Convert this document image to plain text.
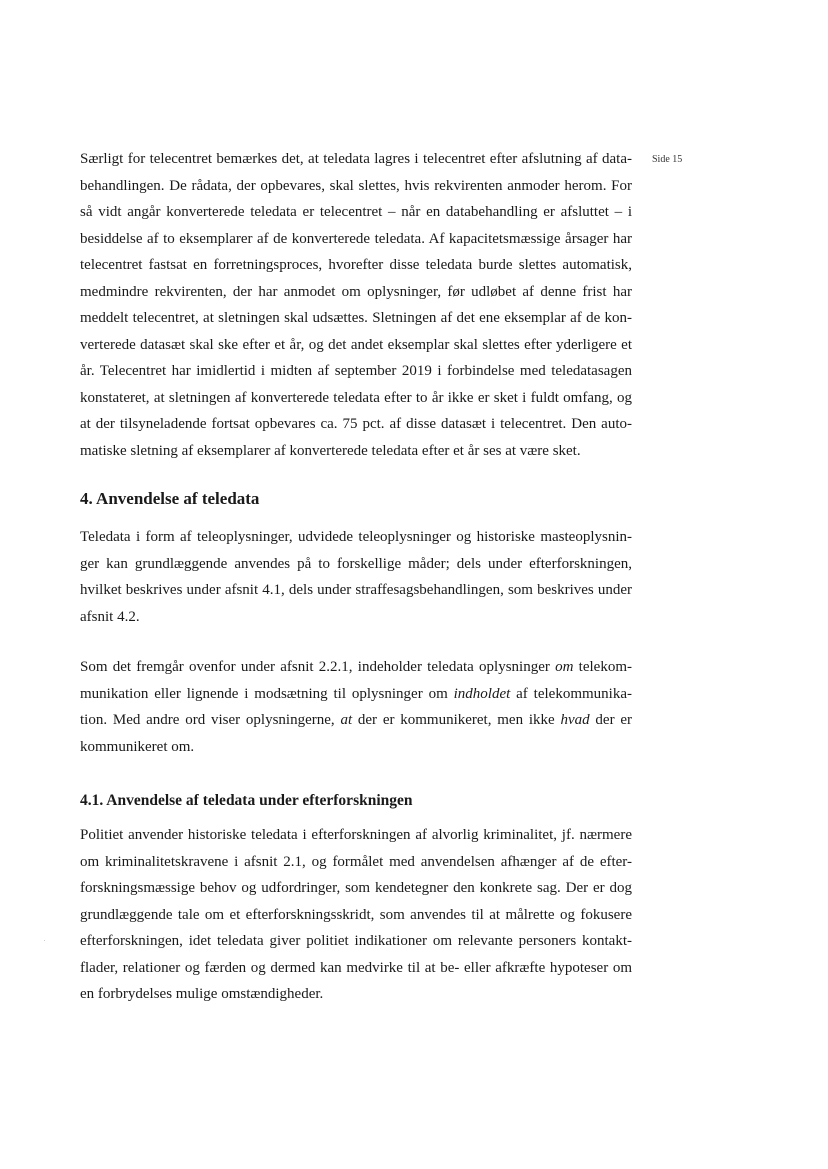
Side 15
Særligt for telecentret bemærkes det, at teledata lagres i telecentret efter afslutning af data-
behandlingen. De rådata, der opbevares, skal slettes, hvis rekvirenten anmoder herom. For
så vidt angår konverterede teledata er telecentret – når en databehandling er afsluttet – i
besiddelse af to eksemplarer af de konverterede teledata. Af kapacitetsmæssige årsager har
telecentret fastsat en forretningsproces, hvorefter disse teledata burde slettes automatisk,
medmindre rekvirenten, der har anmodet om oplysninger, før udløbet af denne frist har
meddelt telecentret, at sletningen skal udsættes. Sletningen af det ene eksemplar af de kon-
verterede datasæt skal ske efter et år, og det andet eksemplar skal slettes efter yderligere et
år. Telecentret har imidlertid i midten af september 2019 i forbindelse med teledatasagen
konstateret, at sletningen af konverterede teledata efter to år ikke er sket i fuldt omfang, og
at der tilsyneladende fortsat opbevares ca. 75 pct. af disse datasæt i telecentret. Den auto-
matiske sletning af eksemplarer af konverterede teledata efter et år ses at være sket.
4. Anvendelse af teledata
Teledata i form af teleoplysninger, udvidede teleoplysninger og historiske masteoplysnin-
ger kan grundlæggende anvendes på to forskellige måder; dels under efterforskningen,
hvilket beskrives under afsnit 4.1, dels under straffesagsbehandlingen, som beskrives under
afsnit 4.2.
Som det fremgår ovenfor under afsnit 2.2.1, indeholder teledata oplysninger om telekom-
munikation eller lignende i modsætning til oplysninger om indholdet af telekommunika-
tion. Med andre ord viser oplysningerne, at der er kommunikeret, men ikke hvad der er
kommunikeret om.
4.1. Anvendelse af teledata under efterforskningen
Politiet anvender historiske teledata i efterforskningen af alvorlig kriminalitet, jf. nærmere
om kriminalitetskravene i afsnit 2.1, og formålet med anvendelsen afhænger af de efter-
forskningsmæssige behov og udfordringer, som kendetegner den konkrete sag. Der er dog
grundlæggende tale om et efterforskningsskridt, som anvendes til at målrette og fokusere
efterforskningen, idet teledata giver politiet indikationer om relevante personers kontakt-
flader, relationer og færden og dermed kan medvirke til at be- eller afkræfte hypoteser om
en forbrydelses mulige omstændigheder.
